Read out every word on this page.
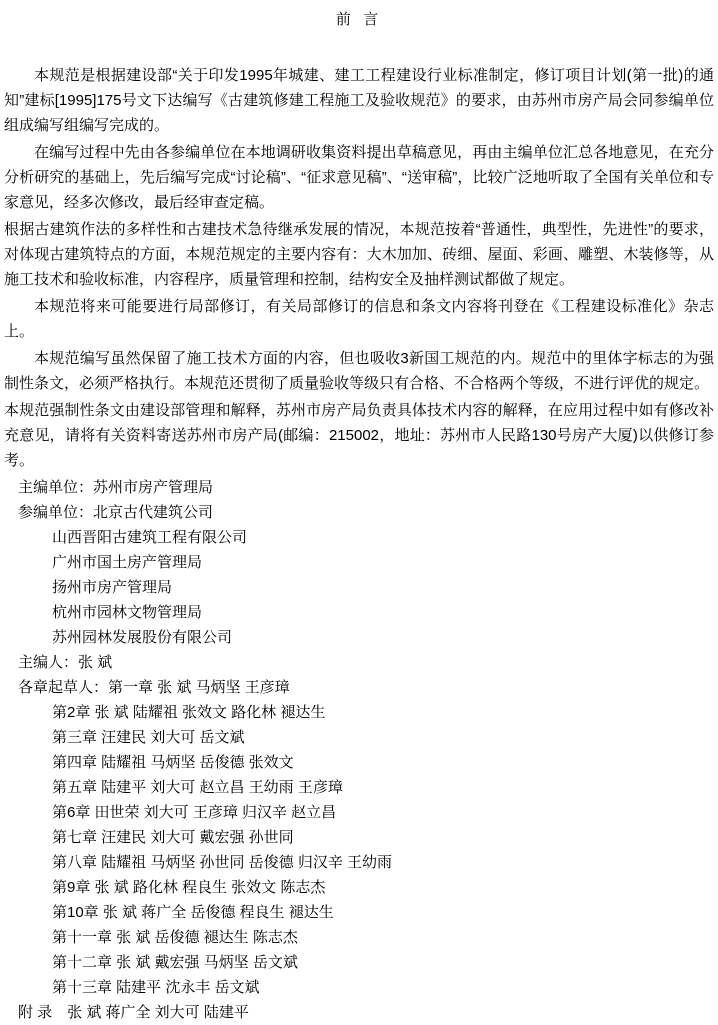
前 言

本规范是根据建设部“关于印发1995年城建、建工工程建设行业标准制定，修订项目计划(第一批)的通知”建标[1995]175号文下达编写《古建筑修建工程施工及验收规范》的要求，由苏州市房产局会同参编单位组成编写组编写完成的。

在编写过程中先由各参编单位在本地调研收集资料提出草稿意见，再由主编单位汇总各地意见，在充分分析研究的基础上，先后编写完成“讨论稿”、“征求意见稿”、“送审稿”，比较广泛地听取了全国有关单位和专家意见，经多次修改，最后经审查定稿。

根据古建筑作法的多样性和古建技术急待继承发展的情况，本规范按着“普通性，典型性，先进性”的要求，对体现古建筑特点的方面，本规范规定的主要内容有：大木加加、砖细、屋面、彩画、雕塑、木装修等，从施工技术和验收标准，内容程序，质量管理和控制，结构安全及抽样测试都做了规定。

本规范将来可能要进行局部修订，有关局部修订的信息和条文内容将刊登在《工程建设标准化》杂志上。

本规范编写虽然保留了施工技术方面的内容，但也吸收3新国工规范的内。规范中的里体字标志的为强制性条文，必须严格执行。本规范还贯彻了质量验收等级只有合格、不合格两个等级，不进行评优的规定。

本规范强制性条文由建设部管理和解释，苏州市房产局负责具体技术内容的解释，在应用过程中如有修改补充意见，请将有关资料寄送苏州市房产局(邮编：215002，地址：苏州市人民路130号房产大厦)以供修订参考。

主编单位：苏州市房产管理局
参编单位：北京古代建筑公司
山西晋阳古建筑工程有限公司
广州市国土房产管理局
扬州市房产管理局
杭州市园林文物管理局
苏州园林发展股份有限公司
主编人：张 斌
各章起草人：第一章 张 斌 马炳坚 王彦璋
第2章 张 斌 陆耀祖 张效文 路化林 褪达生
第三章 汪建民 刘大可 岳文斌
第四章 陆耀祖 马炳坚 岳俊德 张效文
第五章 陆建平 刘大可 赵立昌 王幼雨 王彦璋
第6章 田世荣 刘大可 王彦璋 归汉辛 赵立昌
第七章 汪建民 刘大可 戴宏强 孙世同
第八章 陆耀祖 马炳坚 孙世同 岳俊德 归汉辛 王幼雨
第9章 张 斌 路化林 程良生 张效文 陈志杰
第10章 张 斌 蒋广全 岳俊德 程良生 褪达生
第十一章 张 斌 岳俊德 褪达生 陈志杰
第十二章 张 斌 戴宏强 马炳坚 岳文斌
第十三章 陆建平 沈永丰 岳文斌
附 录　张 斌 蒋广全 刘大可 陆建平
